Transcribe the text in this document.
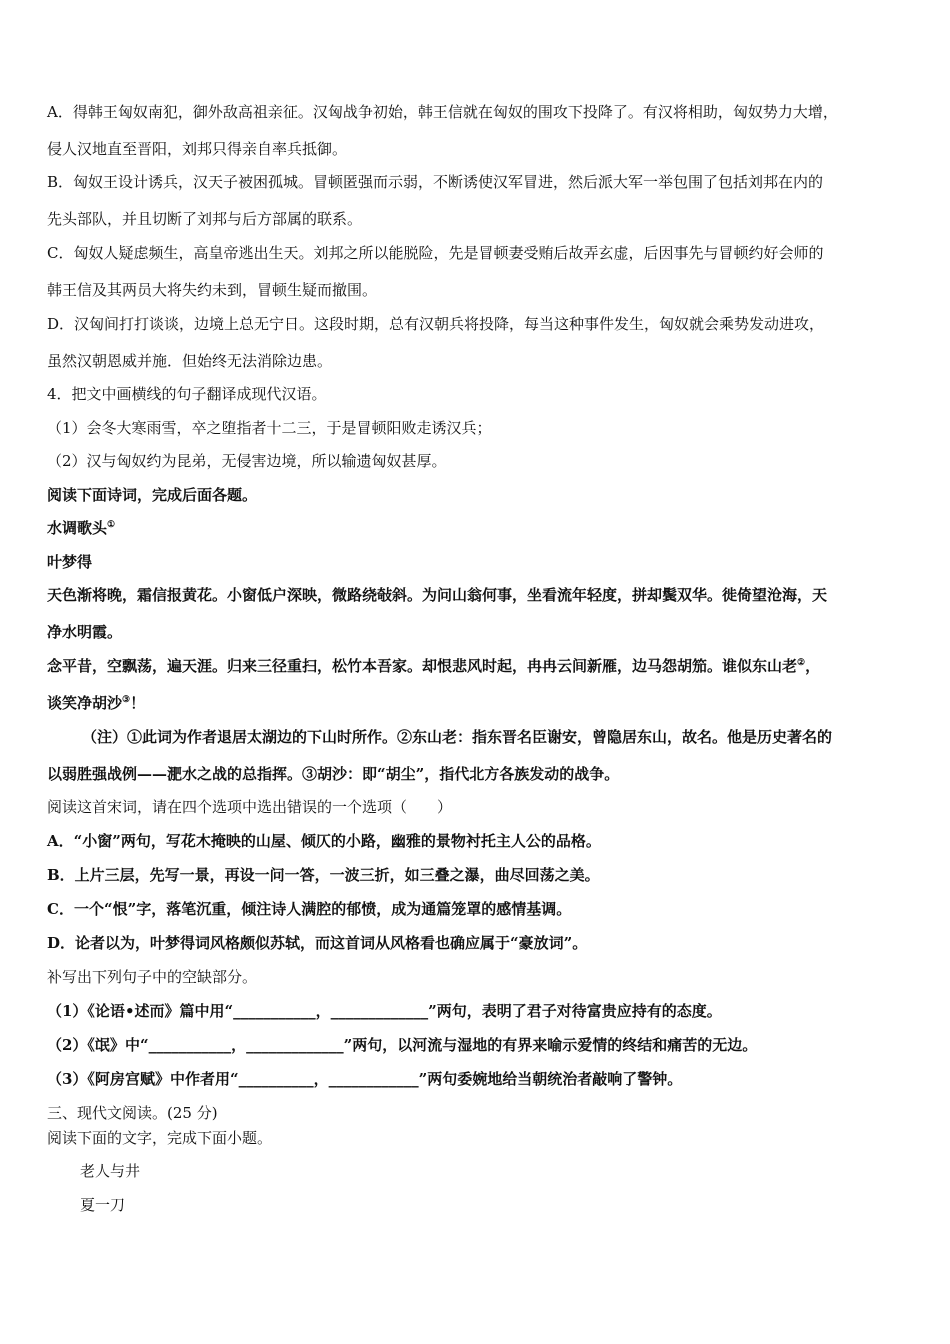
A．得韩王匈奴南犯，御外敌高祖亲征。汉匈战争初始，韩王信就在匈奴的围攻下投降了。有汉将相助，匈奴势力大增，
侵人汉地直至晋阳，刘邦只得亲自率兵抵御。
B．匈奴王设计诱兵，汉天子被困孤城。冒顿匿强而示弱，不断诱使汉军冒进，然后派大军一举包围了包括刘邦在内的
先头部队，并且切断了刘邦与后方部属的联系。
C．匈奴人疑虑频生，高皇帝逃出生天。刘邦之所以能脱险，先是冒顿妻受贿后故弄玄虚，后因事先与冒顿约好会师的
韩王信及其两员大将失约未到，冒顿生疑而撤围。
D．汉匈间打打谈谈，边境上总无宁日。这段时期，总有汉朝兵将投降，每当这种事件发生，匈奴就会乘势发动进攻，
虽然汉朝恩威并施．但始终无法消除边患。
4．把文中画横线的句子翻译成现代汉语。
（1）会冬大寒雨雪，卒之堕指者十二三，于是冒顿阳败走诱汉兵；
（2）汉与匈奴约为昆弟，无侵害边境，所以输遗匈奴甚厚。
阅读下面诗词，完成后面各题。
水调歌头①
叶梦得
天色渐将晚，霜信报黄花。小窗低户深映，微路绕敧斜。为问山翁何事，坐看流年轻度，拼却鬓双华。徙倚望沧海，天
净水明霞。
念平昔，空飘荡，遍天涯。归来三径重扫，松竹本吾家。却恨悲风时起，冉冉云间新雁，边马怨胡笳。谁似东山老②，
谈笑净胡沙③！
（注）①此词为作者退居太湖边的下山时所作。②东山老：指东晋名臣谢安，曾隐居东山，故名。他是历史著名的
以弱胜强战例——淝水之战的总指挥。③胡沙：即“胡尘”，指代北方各族发动的战争。
阅读这首宋词，请在四个选项中选出错误的一个选项（　　）
A．“小窗”两句，写花木掩映的山屋、倾仄的小路，幽雅的景物衬托主人公的品格。
B．上片三层，先写一景，再设一问一答，一波三折，如三叠之瀑，曲尽回荡之美。
C．一个“恨”字，落笔沉重，倾注诗人满腔的郁愤，成为通篇笼罩的感情基调。
D．论者以为，叶梦得词风格颇似苏轼，而这首词从风格看也确应属于“豪放词”。
补写出下列句子中的空缺部分。
（1）《论语•述而》篇中用“___________，_____________”两句，表明了君子对待富贵应持有的态度。
（2）《氓》中“___________，_____________”两句，以河流与湿地的有界来喻示爱情的终结和痛苦的无边。
（3）《阿房宫赋》中作者用“__________，____________”两句委婉地给当朝统治者敲响了警钟。
三、现代文阅读。(25 分)
阅读下面的文字，完成下面小题。
老人与井
夏一刀
